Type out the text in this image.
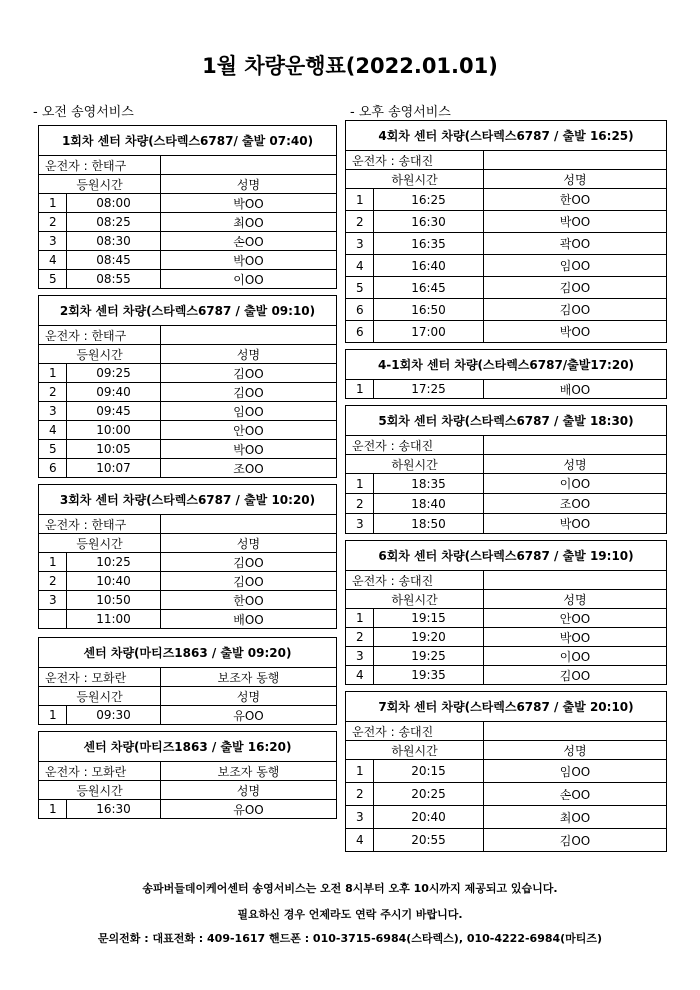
1월 차량운행표(2022.01.01)
- 오전 송영서비스	- 오후 송영서비스
1회차 센터 차량(스타렉스6787/ 출발 07:40)		
운전자 : 한태구		
등원시간		성명
1	08:00	박OO
2	08:25	최OO
3	08:30	손OO
4	08:45	박OO
5	08:55	이OO
2회차 센터 차량(스타렉스6787 / 출발 09:10)		
운전자 : 한태구		
등원시간		성명
1	09:25	김OO
2	09:40	김OO
3	09:45	임OO
4	10:00	안OO
5	10:05	박OO
6	10:07	조OO
3회차 센터 차량(스타렉스6787 / 출발 10:20)		
운전자 : 한태구		
등원시간		성명
1	10:25	김OO
2	10:40	김OO
3	10:50	한OO
	11:00	배OO
센터 차량(마티즈1863 / 출발 09:20)		
운전자 : 모화란		보조자 동행
등원시간		성명
1	09:30	유OO
센터 차량(마티즈1863 / 출발 16:20)		
운전자 : 모화란		보조자 동행
등원시간		성명
1	16:30	유OO
4회차 센터 차량(스타렉스6787 / 출발 16:25)		
운전자 : 송대진		
하원시간		성명
1	16:25	한OO
2	16:30	박OO
3	16:35	곽OO
4	16:40	임OO
5	16:45	김OO
6	16:50	김OO
6	17:00	박OO
4-1회차 센터 차량(스타렉스6787/출발17:20)
1	17:25	배OO
5회차 센터 차량(스타렉스6787 / 출발 18:30)		
운전자 : 송대진		
하원시간		성명
1	18:35	이OO
2	18:40	조OO
3	18:50	박OO
6회차 센터 차량(스타렉스6787 / 출발 19:10)		
운전자 : 송대진		
하원시간		성명
1	19:15	안OO
2	19:20	박OO
3	19:25	이OO
4	19:35	김OO
7회차 센터 차량(스타렉스6787 / 출발 20:10)		
운전자 : 송대진		
하원시간		성명
1	20:15	임OO
2	20:25	손OO
3	20:40	최OO
4	20:55	김OO
송파버들데이케어센터 송영서비스는 오전 8시부터 오후 10시까지 제공되고 있습니다.
필요하신 경우 언제라도 연락 주시기 바랍니다.
문의전화 : 대표전화 : 409-1617 핸드폰 : 010-3715-6984(스타렉스), 010-4222-6984(마티즈)
